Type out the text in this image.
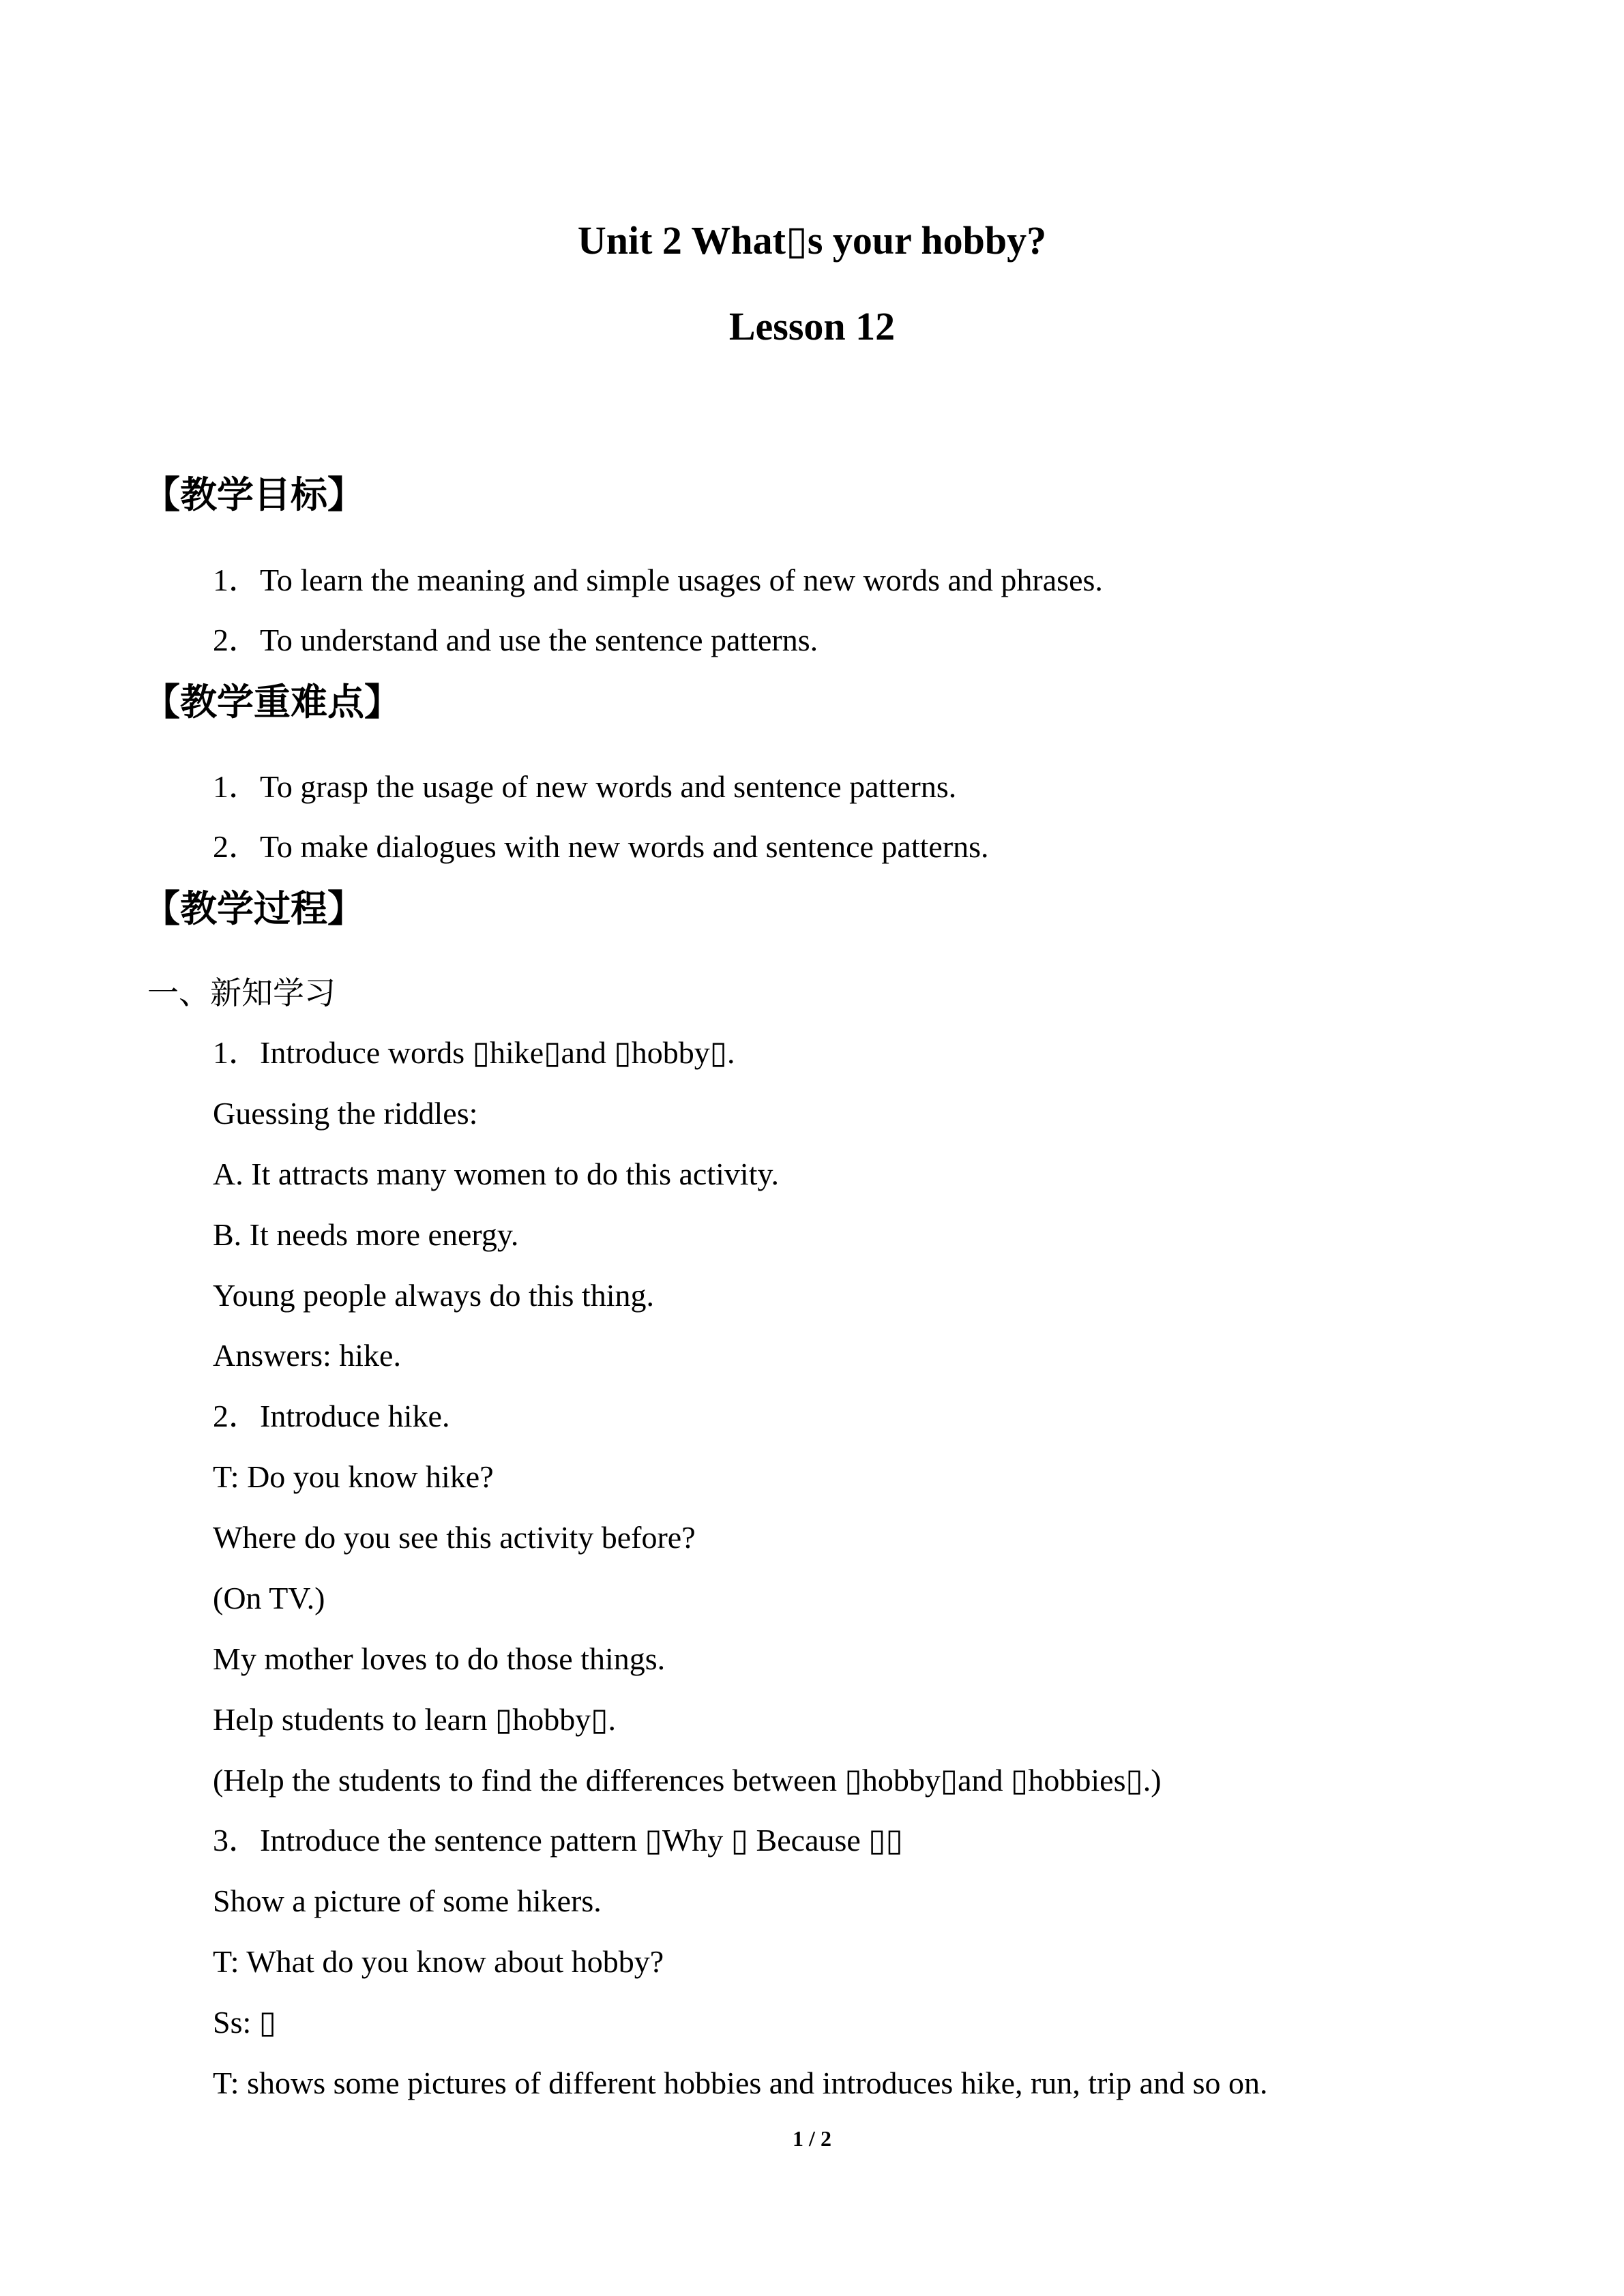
Unit 2 What▯s your hobby?
Lesson 12
【教学目标】
1．To learn the meaning and simple usages of new words and phrases.
2．To understand and use the sentence patterns.
【教学重难点】
1．To grasp the usage of new words and sentence patterns.
2．To make dialogues with new words and sentence patterns.
【教学过程】
一、新知学习
1．Introduce words ▯hike▯and ▯hobby▯.
Guessing the riddles:
A. It attracts many women to do this activity.
B. It needs more energy.
Young people always do this thing.
Answers: hike.
2．Introduce hike.
T: Do you know hike?
Where do you see this activity before?
(On TV.)
My mother loves to do those things.
Help students to learn ▯hobby▯.
(Help the students to find the differences between ▯hobby▯and ▯hobbies▯.)
3．Introduce the sentence pattern ▯Why ▯ Because ▯▯
Show a picture of some hikers.
T: What do you know about hobby?
Ss: ▯
T: shows some pictures of different hobbies and introduces hike, run, trip and so on.
1 / 2
